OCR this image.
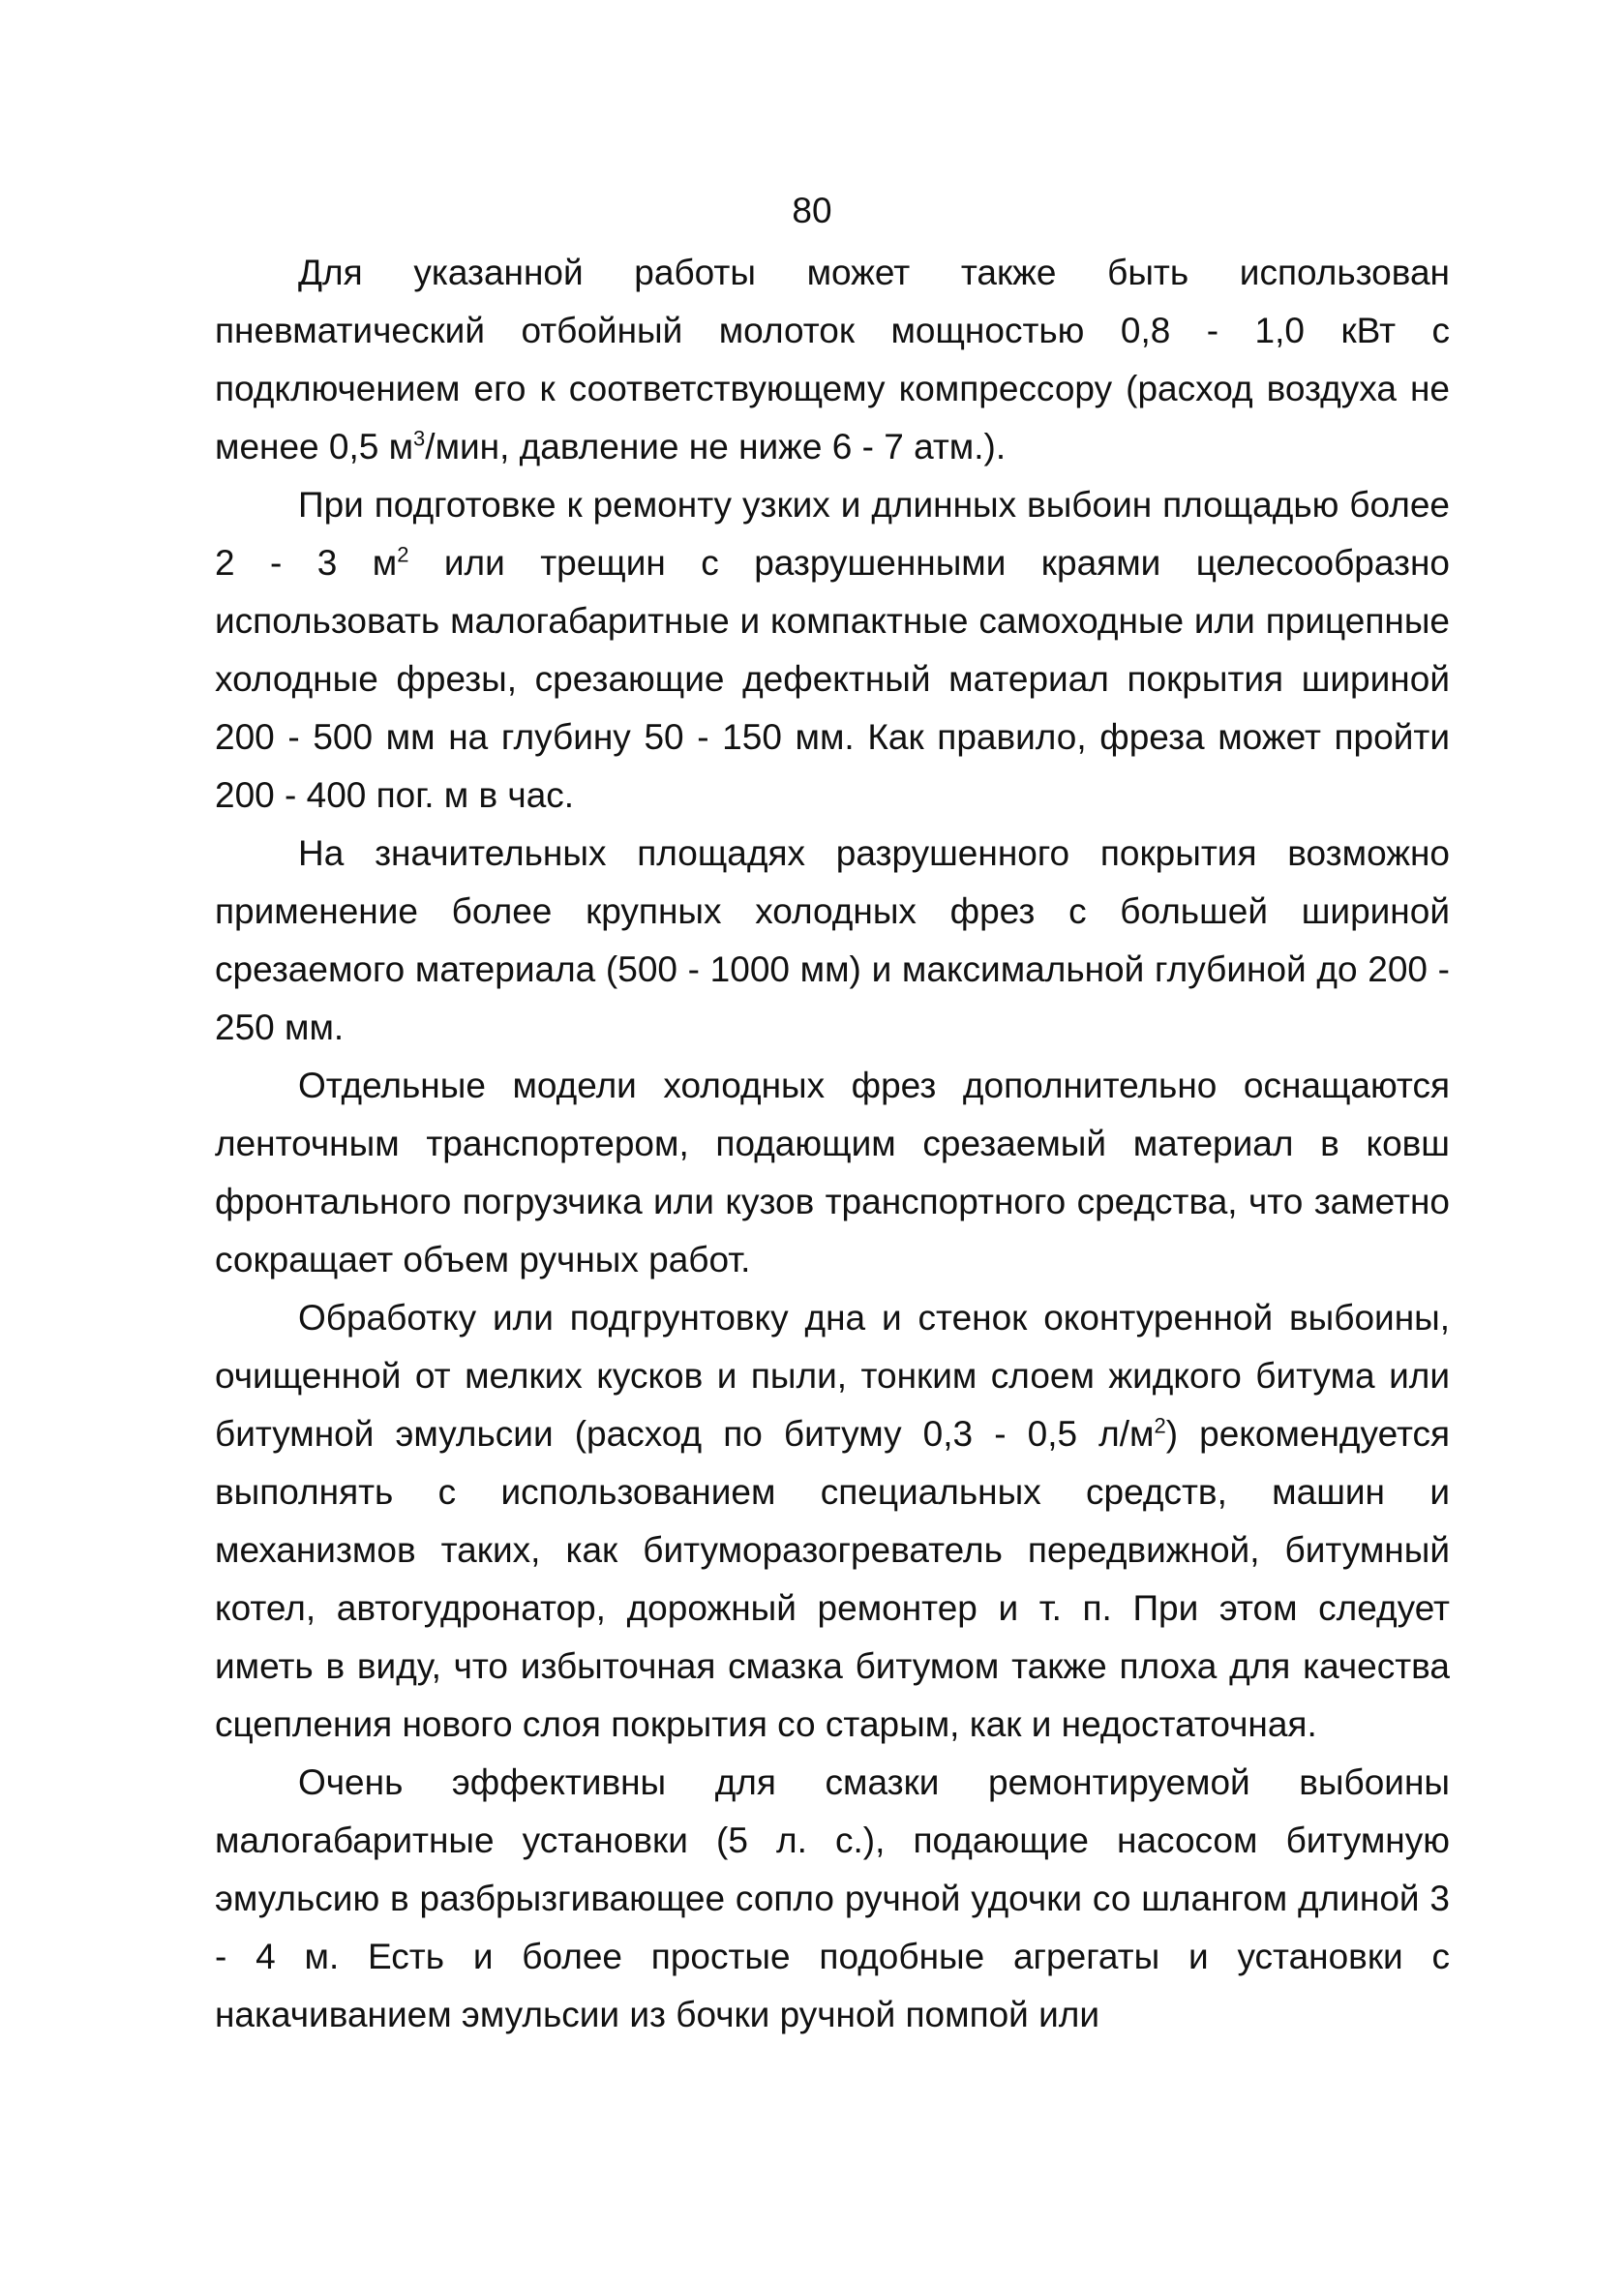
80

Для указанной работы может также быть использован пневматический отбойный молоток мощностью 0,8 - 1,0 кВт с подключением его к соответствующему компрессору (расход воздуха не менее 0,5 $м^3$/мин, давление не ниже 6 - 7 атм.).

При подготовке к ремонту узких и длинных выбоин площадью более 2 - 3 $м^2$ или трещин с разрушенными краями целесообразно использовать малогабаритные и компактные самоходные или прицепные холодные фрезы, срезающие дефектный материал покрытия шириной 200 - 500 мм на глубину 50 - 150 мм. Как правило, фреза может пройти 200 - 400 пог. м в час.

На значительных площадях разрушенного покрытия возможно применение более крупных холодных фрез с большей шириной срезаемого материала (500 - 1000 мм) и максимальной глубиной до 200 - 250 мм.

Отдельные модели холодных фрез дополнительно оснащаются ленточным транспортером, подающим срезаемый материал в ковш фронтального погрузчика или кузов транспортного средства, что заметно сокращает объем ручных работ.

Обработку или подгрунтовку дна и стенок оконтуренной выбоины, очищенной от мелких кусков и пыли, тонким слоем жидкого битума или битумной эмульсии (расход по битуму 0,3 - 0,5 $л/м^2$) рекомендуется выполнять с использованием специальных средств, машин и механизмов таких, как битуморазогреватель передвижной, битумный котел, автогудронатор, дорожный ремонтер и т. п. При этом следует иметь в виду, что избыточная смазка битумом также плоха для качества сцепления нового слоя покрытия со старым, как и недостаточная.

Очень эффективны для смазки ремонтируемой выбоины малогабаритные установки (5 л. с.), подающие насосом битумную эмульсию в разбрызгивающее сопло ручной удочки со шлангом длиной 3 - 4 м. Есть и более простые подобные агрегаты и установки с накачиванием эмульсии из бочки ручной помпой или
